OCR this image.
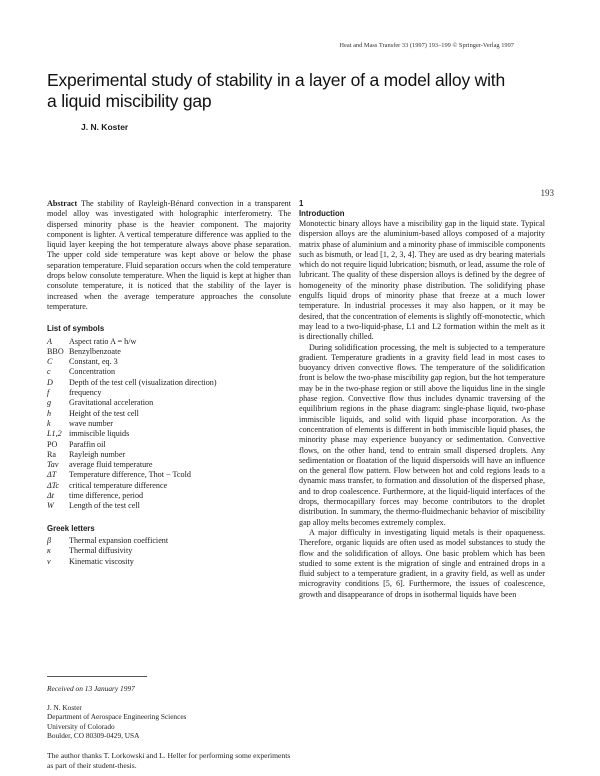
Heat and Mass Transfer 33 (1997) 193–199 © Springer-Verlag 1997
193
Experimental study of stability in a layer of a model alloy with a liquid miscibility gap
J. N. Koster

Abstract The stability of Rayleigh-Bénard convection in a transparent model alloy was investigated with holographic interferometry. The dispersed minority phase is the heavier component. The majority component is lighter. A vertical temperature difference was applied to the liquid layer keeping the hot temperature always above phase separation. The upper cold side temperature was kept above or below the phase separation temperature. Fluid separation occurs when the cold temperature drops below consolute temperature. When the liquid is kept at higher than consolute temperature, it is noticed that the stability of the layer is increased when the average temperature approaches the consolute temperature.

List of symbols
A	Aspect ratio A = h/w
BBO Benzylbenzoate
C	Constant, eq. 3
c	Concentration
D	Depth of the test cell (visualization direction)
f	frequency
g	Gravitational acceleration
h	Height of the test cell
k	wave number
L1,2 immiscible liquids
PO	Paraffin oil
Ra	Rayleigh number
Tav	average fluid temperature
ΔT	Temperature difference, Thot − Tcold
ΔTc	critical temperature difference
Δt	time difference, period
W	Length of the test cell
Greek letters
β	Thermal expansion coefficient
κ	Thermal diffusivity
ν	Kinematic viscosity
Received on 13 January 1997
J. N. Koster
Department of Aerospace Engineering Sciences
University of Colorado
Boulder, CO 80309-0429, USA
The author thanks T. Lorkowski and L. Heller for performing some experiments as part of their student-thesis.
1
Introduction

Monotectic binary alloys have a miscibility gap in the liquid state. Typical dispersion alloys are the aluminium-based alloys composed of a majority matrix phase of aluminium and a minority phase of immiscible components such as bismuth, or lead [1, 2, 3, 4]. They are used as dry bearing materials which do not require liquid lubrication; bismuth, or lead, assume the role of lubricant. The quality of these dispersion alloys is defined by the degree of homogeneity of the minority phase distribution. The solidifying phase engulfs liquid drops of minority phase that freeze at a much lower temperature. In industrial processes it may also happen, or it may be desired, that the concentration of elements is slightly off-monotectic, which may lead to a two-liquid-phase, L1 and L2 formation within the melt as it is directionally chilled.

During solidification processing, the melt is subjected to a temperature gradient. Temperature gradients in a gravity field lead in most cases to buoyancy driven convective flows. The temperature of the solidification front is below the two-phase miscibility gap region, but the hot temperature may be in the two-phase region or still above the liquidus line in the single phase region. Convective flow thus includes dynamic traversing of the equilibrium regions in the phase diagram: single-phase liquid, two-phase immiscible liquids, and solid with liquid phase incorporation. As the concentration of elements is different in both immiscible liquid phases, the minority phase may experience buoyancy or sedimentation. Convective flows, on the other hand, tend to entrain small dispersed droplets. Any sedimentation or floatation of the liquid dispersoids will have an influence on the general flow pattern. Flow between hot and cold regions leads to a dynamic mass transfer, to formation and dissolution of the dispersed phase, and to drop coalescence. Furthermore, at the liquid-liquid interfaces of the drops, thermocapillary forces may become contributors to the droplet distribution. In summary, the thermo-fluidmechanic behavior of miscibility gap alloy melts becomes extremely complex.

A major difficulty in investigating liquid metals is their opaqueness. Therefore, organic liquids are often used as model substances to study the flow and the solidification of alloys. One basic problem which has been studied to some extent is the migration of single and entrained drops in a fluid subject to a temperature gradient, in a gravity field, as well as under microgravity conditions [5, 6]. Furthermore, the issues of coalescence, growth and disappearance of drops in isothermal liquids have been
